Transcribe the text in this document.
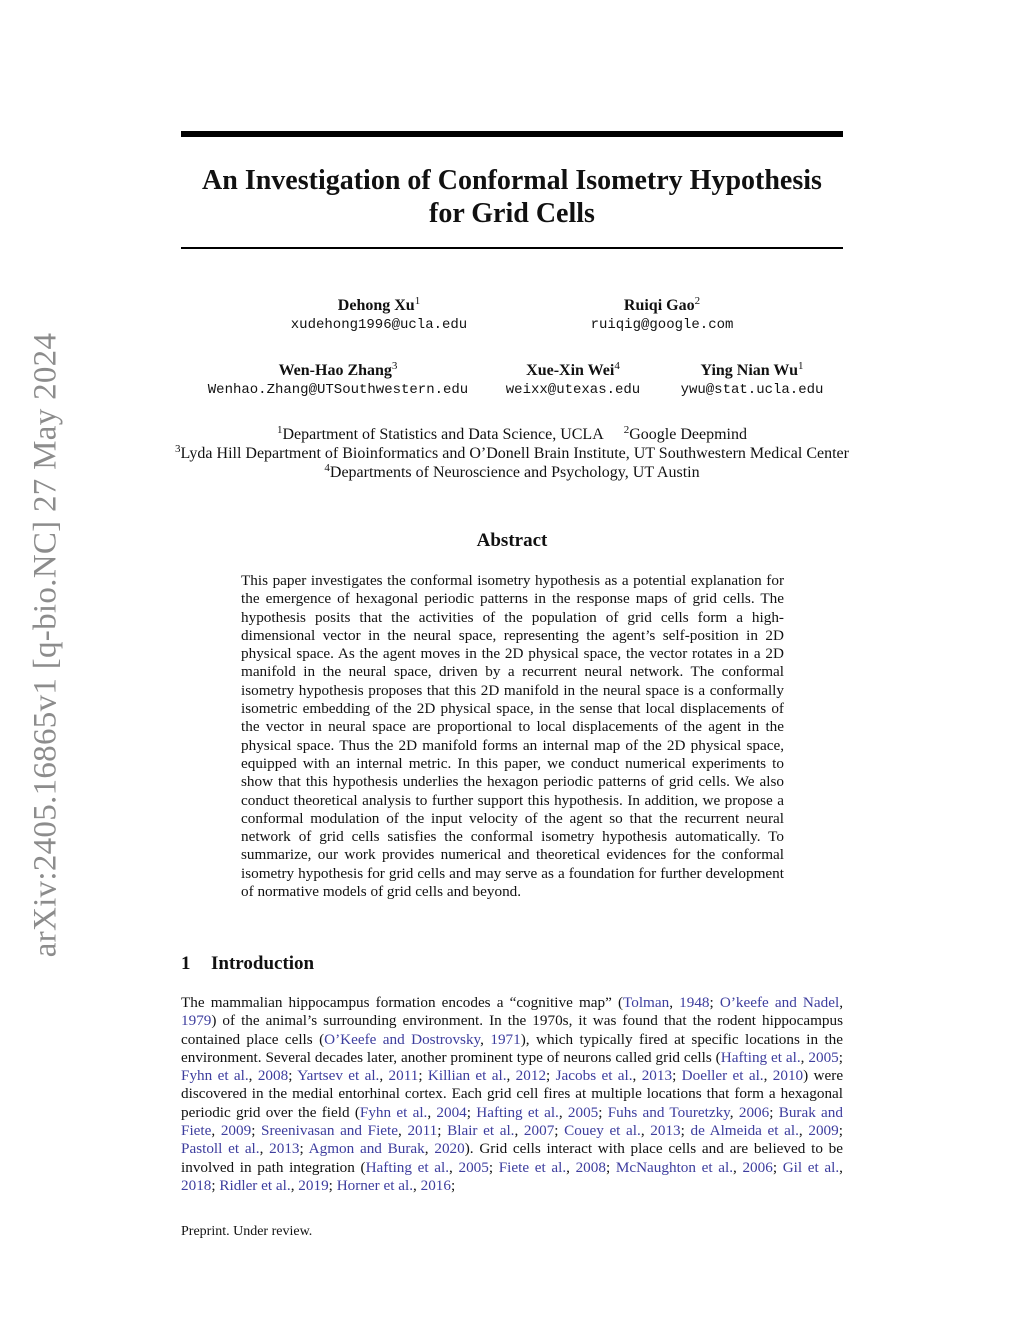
arXiv:2405.16865v1 [q-bio.NC] 27 May 2024
An Investigation of Conformal Isometry Hypothesis
for Grid Cells
Dehong Xu$^1$
xudehong1996@ucla.edu
Ruiqi Gao$^2$
ruiqig@google.com
Wen-Hao Zhang$^3$
Wenhao.Zhang@UTSouthwestern.edu
Xue-Xin Wei$^4$
weixx@utexas.edu
Ying Nian Wu$^1$
ywu@stat.ucla.edu
$^1$Department of Statistics and Data Science, UCLA $^2$Google Deepmind
$^3$Lyda Hill Department of Bioinformatics and O’Donell Brain Institute, UT Southwestern Medical Center
$^4$Departments of Neuroscience and Psychology, UT Austin
Abstract
This paper investigates the conformal isometry hypothesis as a potential explanation for the emergence of hexagonal periodic patterns in the response maps of grid cells. The hypothesis posits that the activities of the population of grid cells form a high-dimensional vector in the neural space, representing the agent’s self-position in 2D physical space. As the agent moves in the 2D physical space, the vector rotates in a 2D manifold in the neural space, driven by a recurrent neural network. The conformal isometry hypothesis proposes that this 2D manifold in the neural space is a conformally isometric embedding of the 2D physical space, in the sense that local displacements of the vector in neural space are proportional to local displacements of the agent in the physical space. Thus the 2D manifold forms an internal map of the 2D physical space, equipped with an internal metric. In this paper, we conduct numerical experiments to show that this hypothesis underlies the hexagon periodic patterns of grid cells. We also conduct theoretical analysis to further support this hypothesis. In addition, we propose a conformal modulation of the input velocity of the agent so that the recurrent neural network of grid cells satisfies the conformal isometry hypothesis automatically. To summarize, our work provides numerical and theoretical evidences for the conformal isometry hypothesis for grid cells and may serve as a foundation for further development of normative models of grid cells and beyond.
1 Introduction
The mammalian hippocampus formation encodes a “cognitive map” (Tolman, 1948; O’keefe and Nadel, 1979) of the animal’s surrounding environment. In the 1970s, it was found that the rodent hippocampus contained place cells (O’Keefe and Dostrovsky, 1971), which typically fired at specific locations in the environment. Several decades later, another prominent type of neurons called grid cells (Hafting et al., 2005; Fyhn et al., 2008; Yartsev et al., 2011; Killian et al., 2012; Jacobs et al., 2013; Doeller et al., 2010) were discovered in the medial entorhinal cortex. Each grid cell fires at multiple locations that form a hexagonal periodic grid over the field (Fyhn et al., 2004; Hafting et al., 2005; Fuhs and Touretzky, 2006; Burak and Fiete, 2009; Sreenivasan and Fiete, 2011; Blair et al., 2007; Couey et al., 2013; de Almeida et al., 2009; Pastoll et al., 2013; Agmon and Burak, 2020). Grid cells interact with place cells and are believed to be involved in path integration (Hafting et al., 2005; Fiete et al., 2008; McNaughton et al., 2006; Gil et al., 2018; Ridler et al., 2019; Horner et al., 2016;
Preprint. Under review.
